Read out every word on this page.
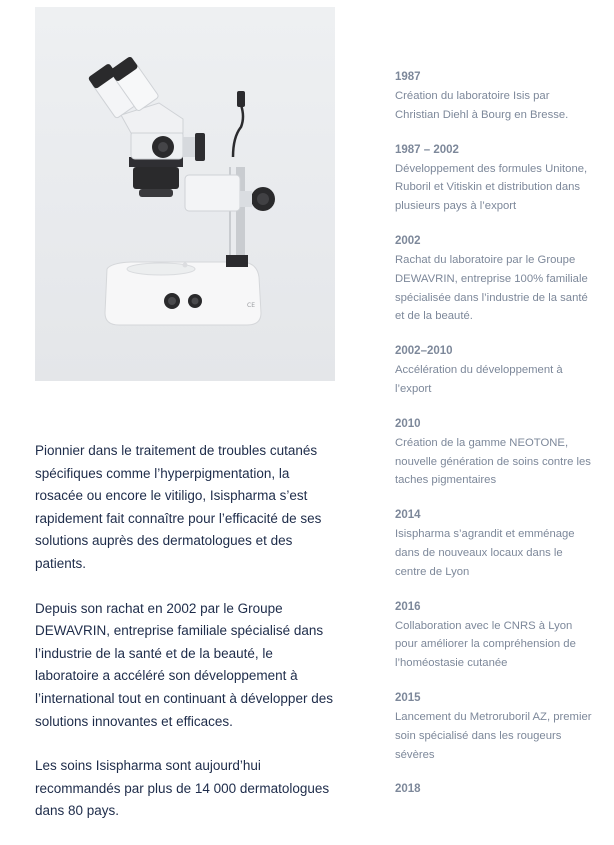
CE

Pionnier dans le traitement de troubles cutanés spécifiques comme l’hyperpigmentation, la rosacée ou encore le vitiligo, Isispharma s’est rapidement fait connaître pour l’efficacité de ses solutions auprès des dermatologues et des patients.

Depuis son rachat en 2002 par le Groupe DEWAVRIN, entreprise familiale spécialisé dans l’industrie de la santé et de la beauté, le laboratoire a accéléré son développement à l’international tout en continuant à développer des solutions innovantes et efficaces.

Les soins Isispharma sont aujourd’hui recommandés par plus de 14 000 dermatologues dans 80 pays.

1987
Création du laboratoire Isis par Christian Diehl à Bourg en Bresse.
1987 – 2002
Développement des formules Unitone, Ruboril et Vitiskin et distribution dans plusieurs pays à l’export
2002
Rachat du laboratoire par le Groupe DEWAVRIN, entreprise 100% familiale spécialisée dans l’industrie de la santé et de la beauté.
2002–2010
Accélération du développement à l’export
2010
Création de la gamme NEOTONE, nouvelle génération de soins contre les taches pigmentaires
2014
Isispharma s’agrandit et emménage dans de nouveaux locaux dans le centre de Lyon
2016
Collaboration avec le CNRS à Lyon pour améliorer la compréhension de l’homéostasie cutanée
2015
Lancement du Metroruboril AZ, premier soin spécialisé dans les rougeurs sévères
2018
